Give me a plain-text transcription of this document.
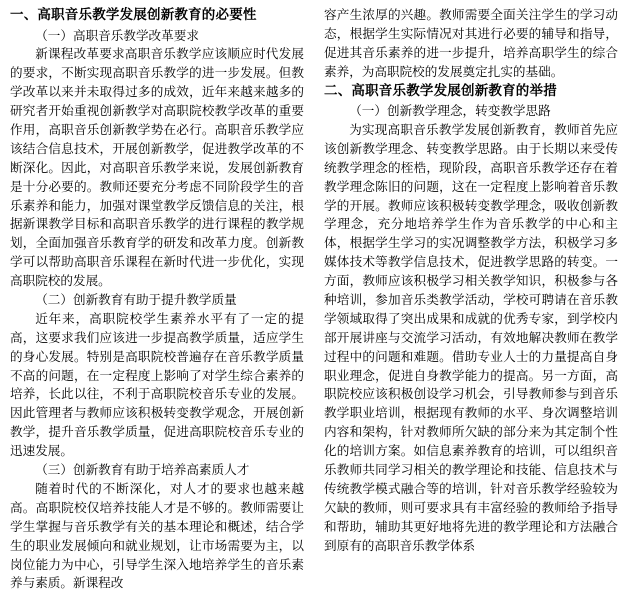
一、高职音乐教学发展创新教育的必要性
（一）高职音乐教学改革要求

新课程改革要求高职音乐教学应该顺应时代发展的要求，不断实现高职音乐教学的进一步发展。但教学改革以来并未取得过多的成效，近年来越来越多的研究者开始重视创新教学对高职院校教学改革的重要作用，高职音乐创新教学势在必行。高职音乐教学应该结合信息技术，开展创新教学，促进教学改革的不断深化。因此，对高职音乐教学来说，发展创新教育是十分必要的。教师还要充分考虑不同阶段学生的音乐素养和能力，加强对课堂教学反馈信息的关注，根据新课教学目标和高职音乐教学的进行课程的教学规划，全面加强音乐教育学的研发和改革力度。创新教学可以帮助高职音乐课程在新时代进一步优化，实现高职院校的发展。

（二）创新教育有助于提升教学质量

近年来，高职院校学生素养水平有了一定的提高，这要求我们应该进一步提高教学质量，适应学生的身心发展。特别是高职院校普遍存在音乐教学质量不高的问题，在一定程度上影响了对学生综合素养的培养，长此以往，不利于高职院校音乐专业的发展。因此管理者与教师应该积极转变教学观念，开展创新教学，提升音乐教学质量，促进高职院校音乐专业的迅速发展。

（三）创新教育有助于培养高素质人才

随着时代的不断深化，对人才的要求也越来越高。高职院校仅培养技能人才是不够的。教师需要让学生掌握与音乐教学有关的基本理论和概述，结合学生的职业发展倾向和就业规划，让市场需要为主，以岗位能力为中心，引导学生深入地培养学生的音乐素养与素质。新课程改

容产生浓厚的兴趣。教师需要全面关注学生的学习动态，根据学生实际情况对其进行必要的辅导和指导，促进其音乐素养的进一步提升，培养高职学生的综合素养，为高职院校的发展奠定扎实的基础。

二、高职音乐教学发展创新教育的举措
（一）创新教学理念，转变教学思路

为实现高职音乐教学发展创新教育，教师首先应该创新教学理念、转变教学思路。由于长期以来受传统教学理念的桎梏，现阶段，高职音乐教学还存在着教学理念陈旧的问题，这在一定程度上影响着音乐教学的开展。教师应该积极转变教学理念，吸收创新教学理念，充分地培养学生作为音乐教学的中心和主体，根据学生学习的实况调整教学方法，积极学习多媒体技术等教学信息技术，促进教学思路的转变。一方面，教师应该积极学习相关教学知识，积极参与各种培训，参加音乐类教学活动，学校可聘请在音乐教学领域取得了突出成果和成就的优秀专家，到学校内部开展讲座与交流学习活动，有效地解决教师在教学过程中的问题和难题。借助专业人士的力量提高自身职业理念，促进自身教学能力的提高。另一方面，高职院校应该积极创设学习机会，引导教师参与到音乐教学职业培训，根据现有教师的水平、身次调整培训内容和架构，针对教师所欠缺的部分来为其定制个性化的培训方案。如信息素养教育的培训，可以组织音乐教师共同学习相关的教学理论和技能、信息技术与传统教学模式融合等的培训，针对音乐教学经验较为欠缺的教师，则可要求具有丰富经验的教师给予指导和帮助，辅助其更好地将先进的教学理论和方法融合到原有的高职音乐教学体系
